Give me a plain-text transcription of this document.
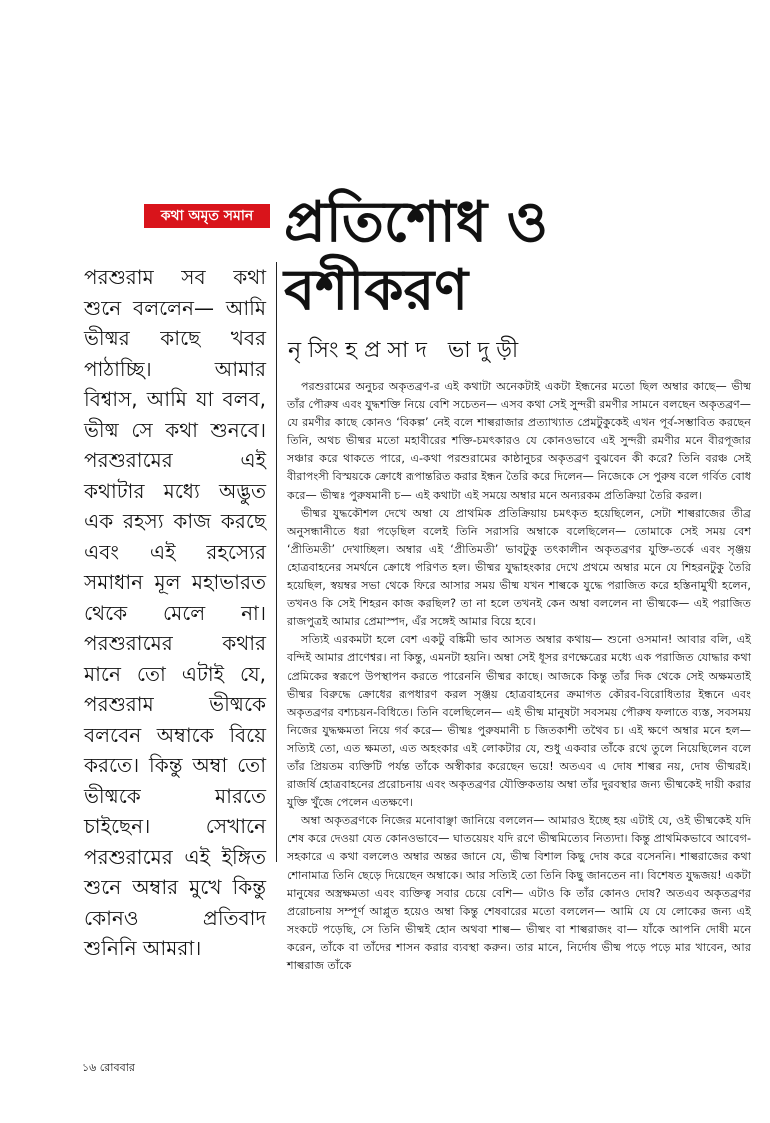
কথা অমৃত সমান প্রতিশোধ ও
বশীকরণ
নৃসিংহপ্রসাদ ভাদুড়ী

পরশুরাম সব কথা শুনে বললেন— আমি ভীষ্মর কাছে খবর পাঠাচ্ছি। আমার বিশ্বাস, আমি যা বলব, ভীষ্ম সে কথা শুনবে। পরশুরামের এই কথাটার মধ্যে অদ্ভুত এক রহস্য কাজ করছে এবং এই রহস্যের সমাধান মূল মহাভারত থেকে মেলে না। পরশুরামের কথার মানে তো এটাই যে, পরশুরাম ভীষ্মকে বলবেন অম্বাকে বিয়ে করতে। কিন্তু অম্বা তো ভীষ্মকে মারতে চাইছেন। সেখানে পরশুরামের এই ইঙ্গিত শুনে অম্বার মুখে কিন্তু কোনও প্রতিবাদ শুনিনি আমরা।

পরশুরামের অনুচর অকৃতব্রণ-র এই কথাটা অনেকটাই একটা ইন্ধনের মতো ছিল অম্বার কাছে— ভীষ্ম তাঁর পৌরুষ এবং যুদ্ধশক্তি নিয়ে বেশি সচেতন— এসব কথা সেই সুন্দরী রমণীর সামনে বলছেন অকৃতব্রণ— যে রমণীর কাছে কোনও ‘বিকল্প’ নেই বলে শাল্বরাজার প্রত্যাখ্যাত প্রেমটুকুকেই এখন পূর্ব-সম্ভাবিত করছেন তিনি, অথচ ভীষ্মর মতো মহাবীরের শক্তি-চমৎকারও যে কোনওভাবে এই সুন্দরী রমণীর মনে বীরপূজার সঞ্চার করে থাকতে পারে, এ-কথা পরশুরামের কাষ্ঠানুচর অকৃতব্রণ বুঝবেন কী করে? তিনি বরঞ্চ সেই বীরাপংসী বিস্ময়কে ক্রোধে রূপান্তরিত করার ইন্ধন তৈরি করে দিলেন— নিজেকে সে পুরুষ বলে গর্বিত বোধ করে— ভীষ্মঃ পুরুষমানী চ— এই কথাটা এই সময়ে অম্বার মনে অন্যরকম প্রতিক্রিয়া তৈরি করল।

ভীষ্মর যুদ্ধকৌশল দেখে অম্বা যে প্রাথমিক প্রতিক্রিয়ায় চমৎকৃত হয়েছিলেন, সেটা শাল্বরাজের তীব্র অনুসন্ধানীতে ধরা পড়েছিল বলেই তিনি সরাসরি অম্বাকে বলেছিলেন— তোমাকে সেই সময় বেশ ‘প্রীতিমতী’ দেখাচ্ছিল। অম্বার এই ‘প্রীতিমতী’ ভাবটুকু তৎকালীন অকৃতব্রণর যুক্তি-তর্কে এবং সৃঞ্জয় হোত্রবাহনের সমর্থনে ক্রোধে পরিণত হল। ভীষ্মর যুদ্ধাহংকার দেখে প্রথমে অম্বার মনে যে শিহরনটুকু তৈরি হয়েছিল, স্বয়ম্বর সভা থেকে ফিরে আসার সময় ভীষ্ম যখন শাল্বকে যুদ্ধে পরাজিত করে হস্তিনামুখী হলেন, তখনও কি সেই শিহরন কাজ করছিল? তা না হলে তখনই কেন অম্বা বললেন না ভীষ্মকে— এই পরাজিত রাজপুত্রই আমার প্রেমাস্পদ, এঁর সঙ্গেই আমার বিয়ে হবে।

সত্যিই এরকমটা হলে বেশ একটু বঙ্কিমী ভাব আসত অম্বার কথায়— শুনো ওসমান! আবার বলি, এই বন্দিই আমার প্রাণেশ্বর। না কিন্তু, এমনটা হয়নি। অম্বা সেই ধূসর রণক্ষেত্রের মধ্যে এক পরাজিত যোদ্ধার কথা প্রেমিকের স্বরূপে উপস্থাপন করতে পারেননি ভীষ্মর কাছে। আজকে কিন্তু তাঁর দিক থেকে সেই অক্ষমতাই ভীষ্মর বিরুদ্ধে ক্রোধের রূপধারণ করল সৃঞ্জয় হোত্রবাহনের ক্রমাগত কৌরব-বিরোধিতার ইন্ধনে এবং অকৃতব্রণর বশ্যচয়ন-বিধিতে। তিনি বলেছিলেন— এই ভীষ্ম মানুষটা সবসময় পৌরুষ ফলাতে ব্যস্ত, সবসময় নিজের যুদ্ধক্ষমতা নিয়ে গর্ব করে— ভীষ্মঃ পুরুষমানী চ জিতকাশী তথৈব চ। এই ক্ষণে অম্বার মনে হল— সত্যিই তো, এত ক্ষমতা, এত অহংকার এই লোকটার যে, শুধু একবার তাঁকে রথে তুলে নিয়েছিলেন বলে তাঁর প্রিয়তম ব্যক্তিটি পর্যন্ত তাঁকে অস্বীকার করেছেন ভয়ে! অতএব এ দোষ শাল্বর নয়, দোষ ভীষ্মরই। রাজর্ষি হোত্রবাহনের প্ররোচনায় এবং অকৃতব্রণর যৌক্তিকতায় অম্বা তাঁর দুরবস্থার জন্য ভীষ্মকেই দায়ী করার যুক্তি খুঁজে পেলেন এতক্ষণে।

অম্বা অকৃতব্রণকে নিজের মনোবাঞ্ছা জানিয়ে বললেন— আমারও ইচ্ছে হয় এটাই যে, ওই ভীষ্মকেই যদি শেষ করে দেওয়া যেত কোনওভাবে— ঘাতয়েয়ং যদি রণে ভীষ্মমিত্যেব নিত্যদা। কিন্তু প্রাথমিকভাবে আবেগ-সহকারে এ কথা বললেও অম্বার অন্তর জানে যে, ভীষ্ম বিশাল কিছু দোষ করে বসেননি। শাল্বরাজের কথা শোনামাত্র তিনি ছেড়ে দিয়েছেন অম্বাকে। আর সত্যিই তো তিনি কিছু জানতেন না। বিশেষত যুদ্ধজয়! একটা মানুষের অস্ত্রক্ষমতা এবং ব্যক্তিত্ব সবার চেয়ে বেশি— এটাও কি তাঁর কোনও দোষ? অতএব অকৃতব্রণর প্ররোচনায় সম্পূর্ণ আপ্লুত হয়েও অম্বা কিন্তু শেষবারের মতো বললেন— আমি যে যে লোকের জন্য এই সংকটে পড়েছি, সে তিনি ভীষ্মই হোন অথবা শাল্ব— ভীষ্মং বা শাল্বরাজং বা— যাঁকে আপনি দোষী মনে করেন, তাঁকে বা তাঁদের শাসন করার ব্যবস্থা করুন। তার মানে, নির্দোষ ভীষ্ম পড়ে পড়ে মার খাবেন, আর শাল্বরাজ তাঁকে

১৬ রোববার
